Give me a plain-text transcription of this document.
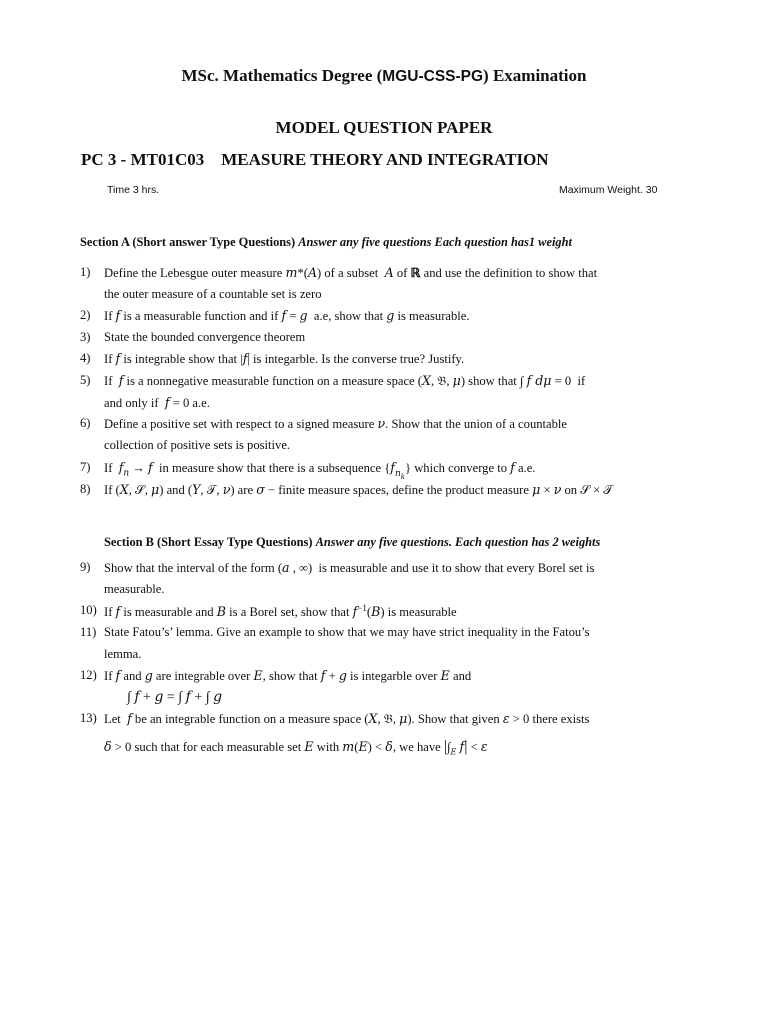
MSc. Mathematics Degree (MGU-CSS-PG) Examination
MODEL QUESTION PAPER
PC 3 - MT01C03 MEASURE THEORY AND INTEGRATION
Time 3 hrs.	Maximum Weight. 30
Section A (Short answer Type Questions) Answer any five questions Each question has1 weight
1)	Define the Lebesgue outer measure m*(A) of a subset  A of ℝ and use the definition to show that
the outer measure of a countable set is zero
2)	If f is a measurable function and if f = g  a.e, show that g is measurable.
3)	State the bounded convergence theorem
4)	If f is integrable show that |f| is integarble. Is the converse true? Justify.
5)	If  f is a nonnegative measurable function on a measure space (X, 𝔅, μ) show that ∫ f dμ = 0  if
and only if  f = 0 a.e.
6)	Define a positive set with respect to a signed measure ν. Show that the union of a countable
collection of positive sets is positive.
7)	If  $f_n \to f$  in measure show that there is a subsequence $\{f_{n_k}\}$ which converge to f a.e.
8)	If (X, 𝒮, μ) and (Y, 𝒯, ν) are σ − finite measure spaces, define the product measure μ × ν on 𝒮 × 𝒯
Section B (Short Essay Type Questions) Answer any five questions. Each question has 2 weights
9)	Show that the interval of the form (a , ∞)  is measurable and use it to show that every Borel set is
measurable.
10) If f is measurable and B is a Borel set, show that $f^{-1}(B)$ is measurable
11) State Fatou’s’ lemma. Give an example to show that we may have strict inequality in the Fatou’s
lemma.
12) If f and g are integrable over E, show that f + g is integarble over E and
∫ f + g = ∫ f + ∫ g
13) Let  f be an integrable function on a measure space (X, 𝔅, μ). Show that given ε > 0 there exists
δ > 0 such that for each measurable set E with m(E) < δ, we have $|\int_E$ f| < ε
